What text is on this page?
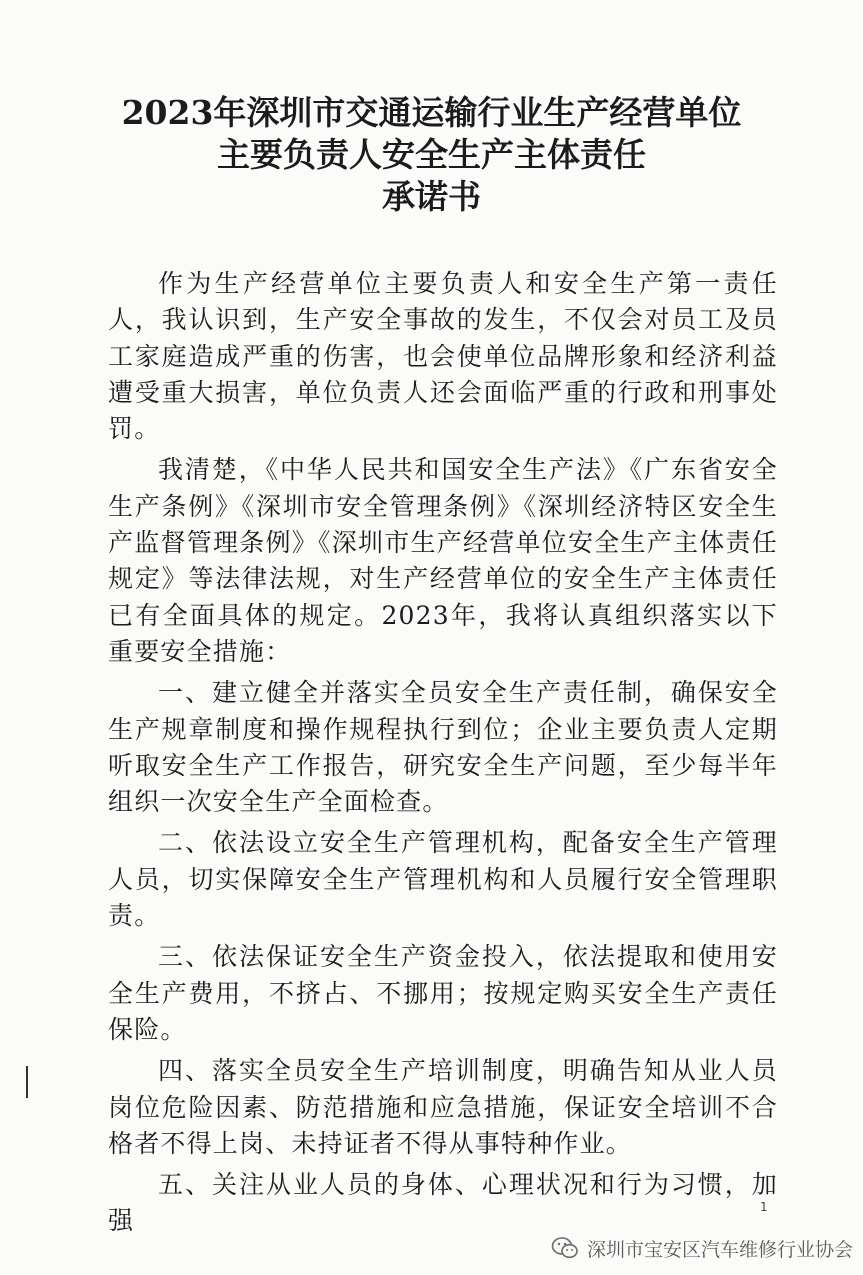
2023年深圳市交通运输行业生产经营单位
主要负责人安全生产主体责任
承诺书

作为生产经营单位主要负责人和安全生产第一责任人，我认识到，生产安全事故的发生，不仅会对员工及员工家庭造成严重的伤害，也会使单位品牌形象和经济利益遭受重大损害，单位负责人还会面临严重的行政和刑事处罚。

我清楚，《中华人民共和国安全生产法》《广东省安全生产条例》《深圳市安全管理条例》《深圳经济特区安全生产监督管理条例》《深圳市生产经营单位安全生产主体责任规定》等法律法规，对生产经营单位的安全生产主体责任已有全面具体的规定。2023年，我将认真组织落实以下重要安全措施：

一、建立健全并落实全员安全生产责任制，确保安全生产规章制度和操作规程执行到位；企业主要负责人定期听取安全生产工作报告，研究安全生产问题，至少每半年组织一次安全生产全面检查。

二、依法设立安全生产管理机构，配备安全生产管理人员，切实保障安全生产管理机构和人员履行安全管理职责。

三、依法保证安全生产资金投入，依法提取和使用安全生产费用，不挤占、不挪用；按规定购买安全生产责任保险。

四、落实全员安全生产培训制度，明确告知从业人员岗位危险因素、防范措施和应急措施，保证安全培训不合格者不得上岗、未持证者不得从事特种作业。

五、关注从业人员的身体、心理状况和行为习惯，加强	1
深圳市宝安区汽车维修行业协会
